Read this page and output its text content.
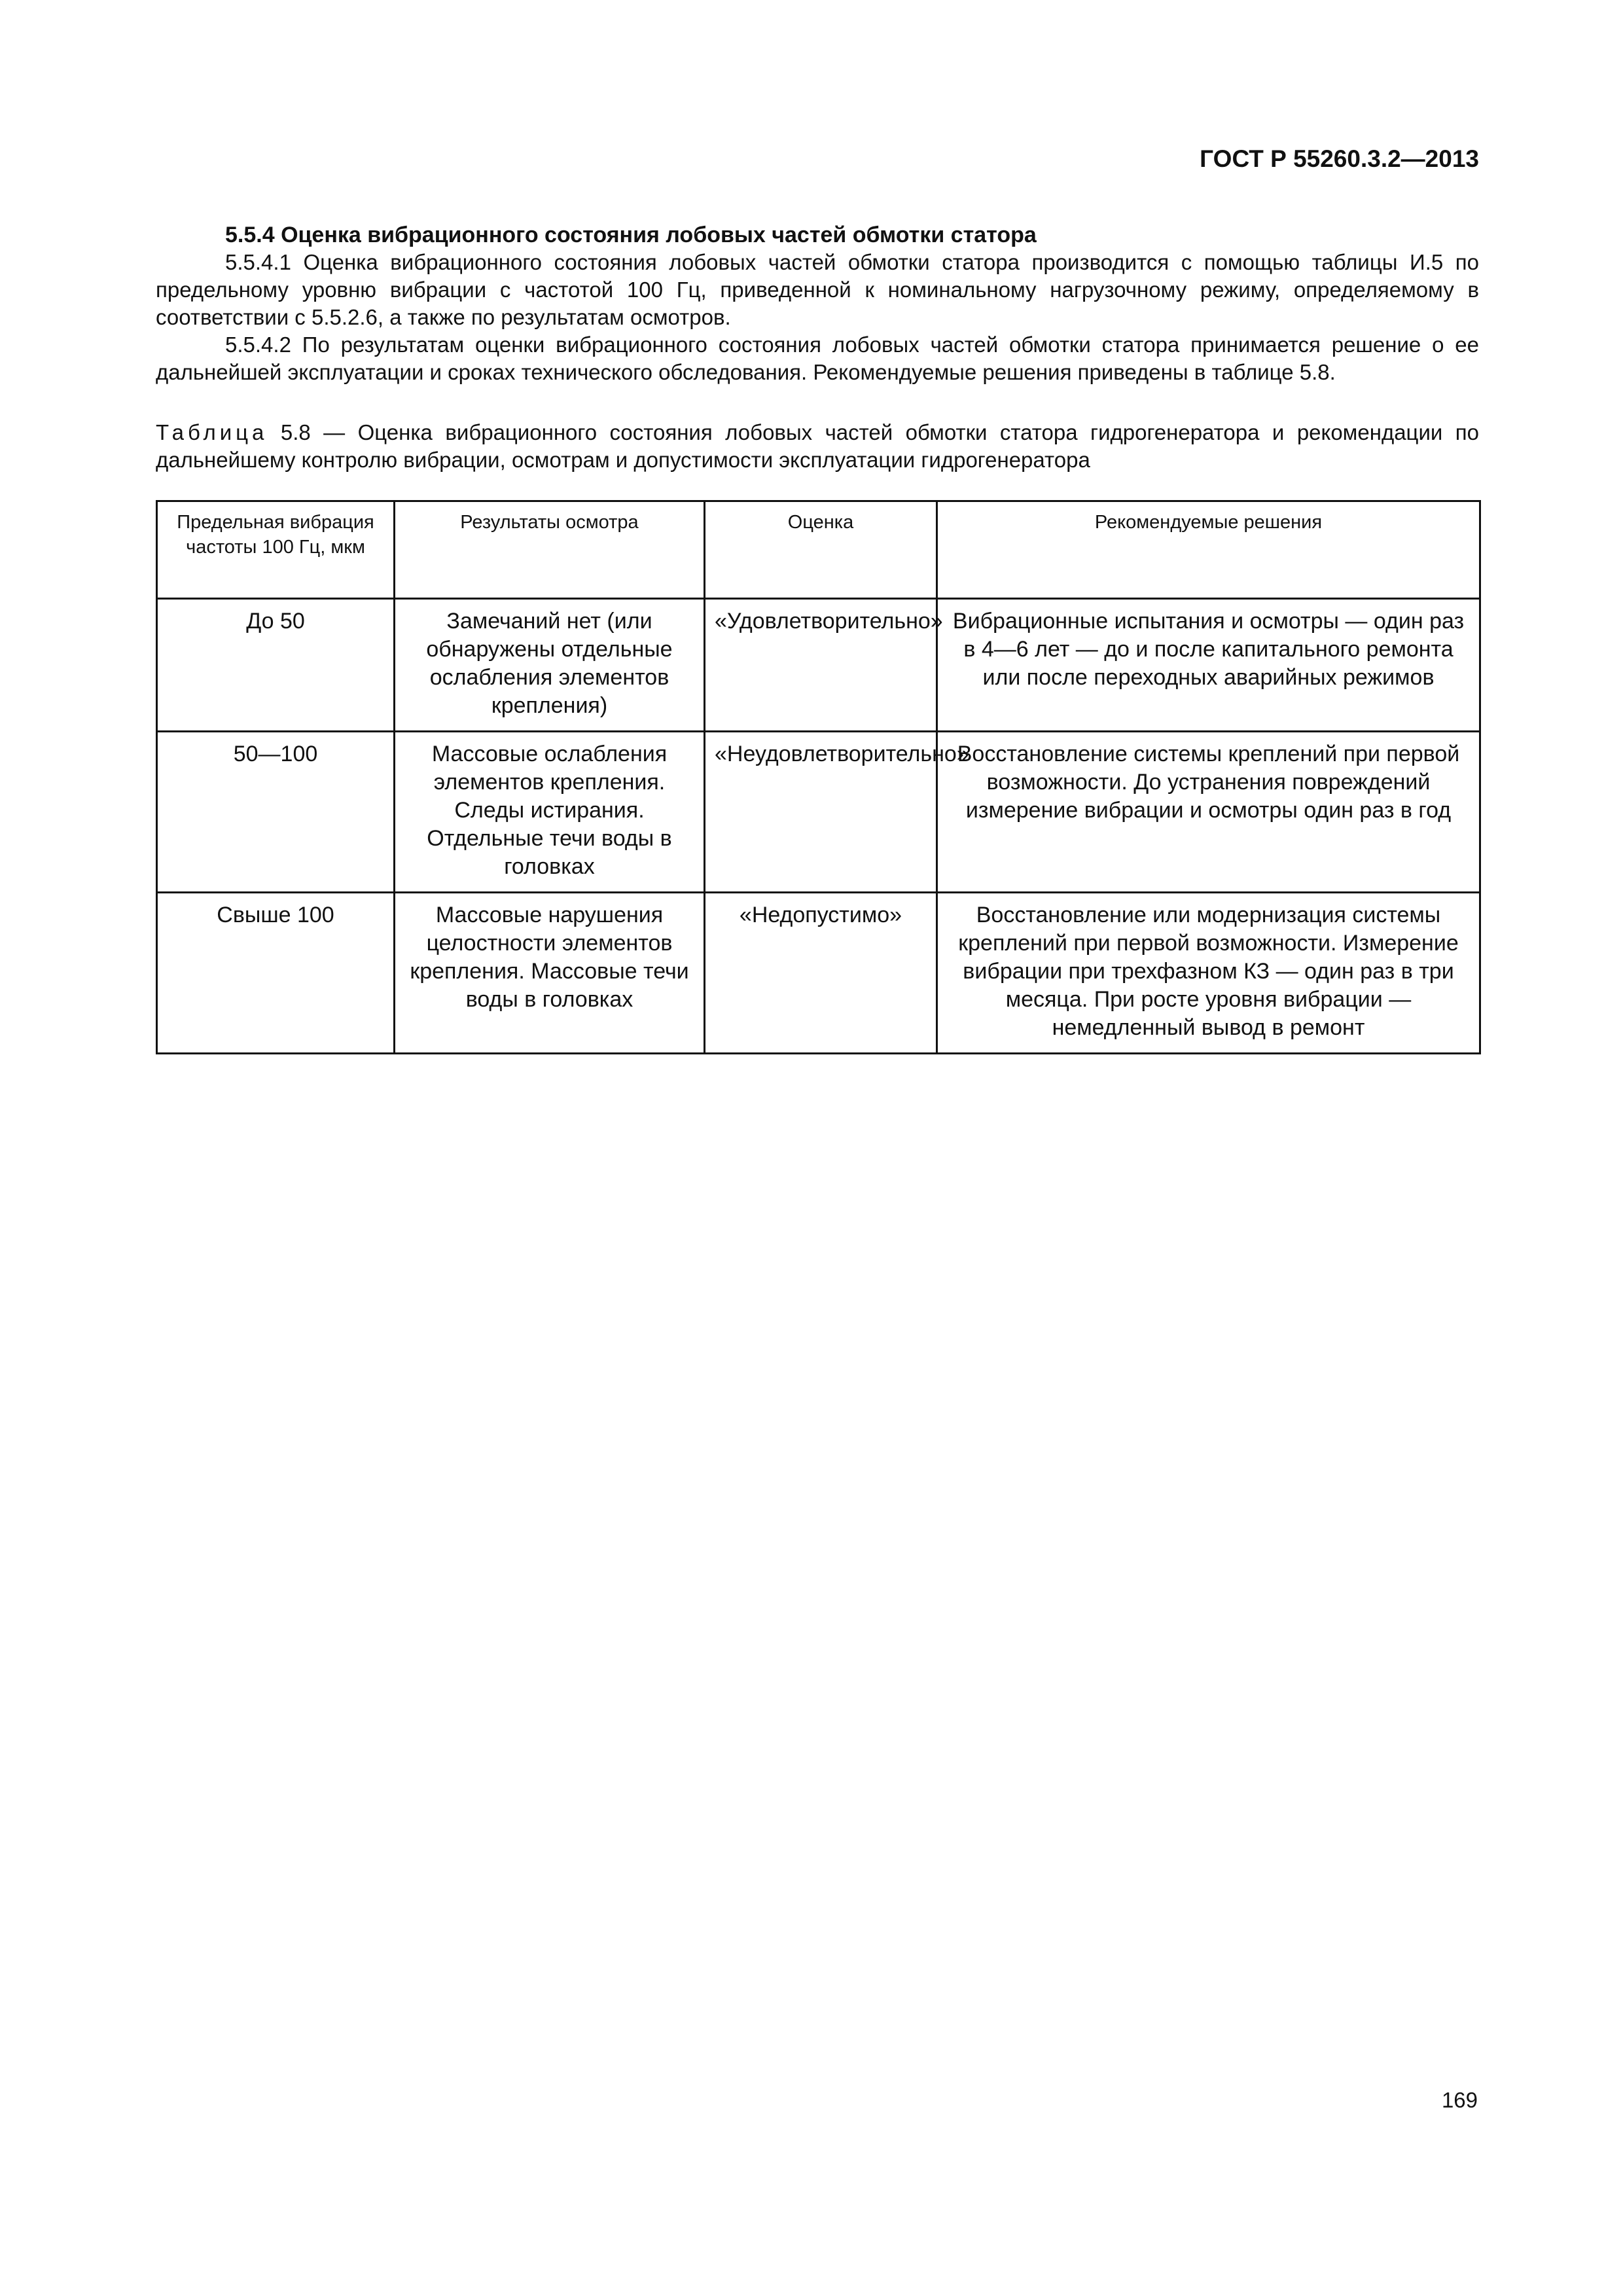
ГОСТ Р 55260.3.2—2013

5.5.4 Оценка вибрационного состояния лобовых частей обмотки статора

5.5.4.1 Оценка вибрационного состояния лобовых частей обмотки статора производится с помощью таблицы И.5 по предельному уровню вибрации с частотой 100 Гц, приведенной к номинальному нагрузочному режиму, определяемому в соответствии с 5.5.2.6, а также по результатам осмотров.

5.5.4.2 По результатам оценки вибрационного состояния лобовых частей обмотки статора принимается решение о ее дальнейшей эксплуатации и сроках технического обследования. Рекомендуемые решения приведены в таблице 5.8.

Таблица 5.8 — Оценка вибрационного состояния лобовых частей обмотки статора гидрогенератора и рекомендации по дальнейшему контролю вибрации, осмотрам и допустимости эксплуатации гидрогенератора

Предельная вибрация частоты 100 Гц, мкм	Результаты осмотра	Оценка	Рекомендуемые решения
До 50	Замечаний нет (или обнаружены отдельные ослабления элементов крепления)	«Удовлетворительно»	Вибрационные испытания и осмотры — один раз в 4—6 лет — до и после капитального ремонта или после переходных аварийных режимов
50—100	Массовые ослабления элементов крепления. Следы истирания. Отдельные течи воды в головках	«Неудовлетворительно»	Восстановление системы креплений при первой возможности. До устранения повреждений измерение вибрации и осмотры один раз в год
Свыше 100	Массовые нарушения целостности элементов крепления. Массовые течи воды в головках	«Недопустимо»	Восстановление или модернизация системы креплений при первой возможности. Измерение вибрации при трехфазном КЗ — один раз в три месяца. При росте уровня вибрации — немедленный вывод в ремонт

169
